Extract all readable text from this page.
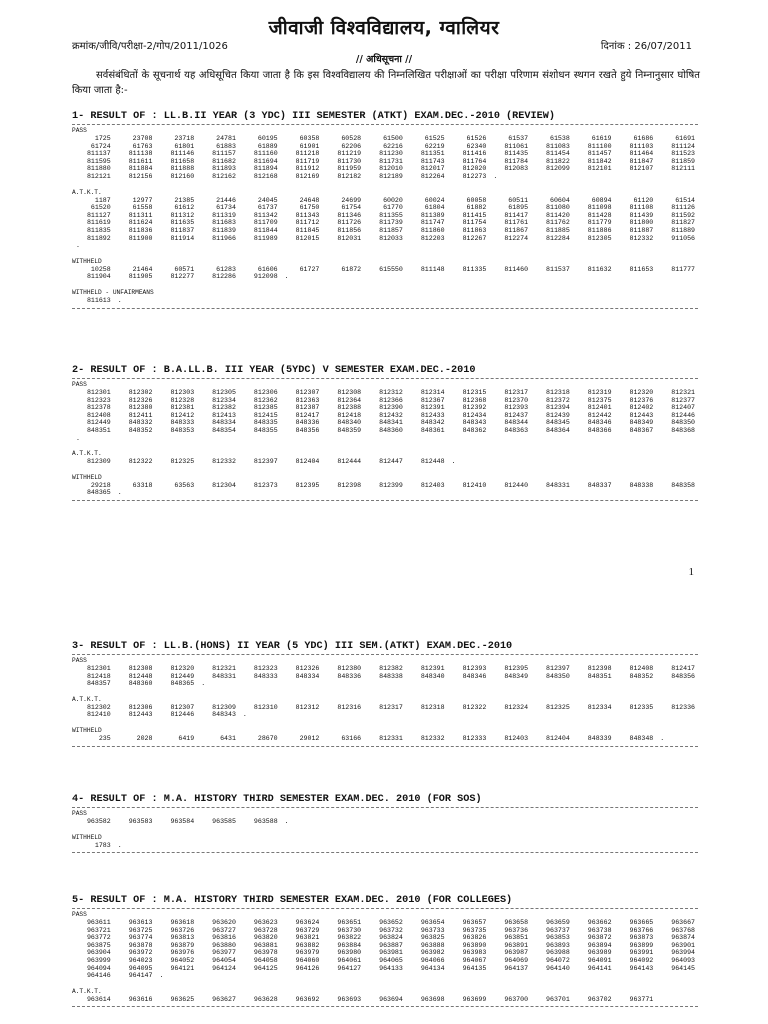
जीवाजी विश्वविद्यालय, ग्वालियर
क्रमांक/जीवि/परीक्षा-2/गोप/2011/1026	दिनांक : 26/07/2011
// अधिसूचना //
सर्वसंबंधितों के सूचनार्थ यह अधिसूचित किया जाता है कि इस विश्वविद्यालय की निम्नलिखित परीक्षाओं का परीक्षा परिणाम संशोधन स्थगन रखते हुये निम्नानुसार घोषित किया जाता है:-
1- RESULT OF : LL.B.II YEAR (3 YDC) III SEMESTER (ATKT) EXAM.DEC.-2010 (REVIEW)
PASS
1725	23708	23718	24781	60195	60358	60528	61500	61525	61526	61537	61538	61619	61686	61691
61724	61763	61801	61883	61889	61901	62206	62216	62219	62340	811061	811083	811100	811103	811124
811137	811138	811146	811157	811160	811218	811219	811230	811351	811416	811435	811454	811457	811464	811523
811595	811611	811658	811682	811694	811719	811730	811731	811743	811764	811784	811822	811842	811847	811859
811880	811884	811888	811893	811894	811912	811959	812010	812017	812020	812083	812099	812101	812107	812111
812121	812156	812160	812162	812168	812169	812182	812189	812264	812273	.
A.T.K.T.
1187	12977	21385	21446	24045	24648	24699	60020	60024	60058	60511	60604	60894	61120	61514
61520	61558	61612	61734	61737	61750	61754	61770	61804	61882	61895	811080	811098	811108	811126
811127	811311	811312	811319	811342	811343	811346	811355	811389	811415	811417	811420	811428	811439	811592
811619	811624	811635	811683	811709	811712	811726	811739	811747	811754	811761	811762	811779	811800	811827
811835	811836	811837	811839	811844	811845	811856	811857	811860	811863	811867	811885	811886	811887	811889
811892	811900	811914	811966	811989	812015	812031	812033	812203	812267	812274	812284	812305	812332	911056
.
WITHHELD
10258	21464	60571	61283	61606	61727	61872	615550	811148	811335	811460	811537	811632	811653	811777
811904	811905	812277	812286	912098	.
WITHHELD - UNFAIRMEANS
811613	.
2- RESULT OF : B.A.LL.B. III YEAR (5YDC) V SEMESTER EXAM.DEC.-2010
PASS
812301	812302	812303	812305	812306	812307	812308	812312	812314	812315	812317	812318	812319	812320	812321
812323	812326	812328	812334	812362	812363	812364	812366	812367	812368	812370	812372	812375	812376	812377
812378	812380	812381	812382	812385	812387	812388	812390	812391	812392	812393	812394	812401	812402	812407
812408	812411	812412	812413	812415	812417	812418	812432	812433	812434	812437	812439	812442	812443	812446
812449	848332	848333	848334	848335	848336	848340	848341	848342	848343	848344	848345	848346	848349	848350
848351	848352	848353	848354	848355	848356	848359	848360	848361	848362	848363	848364	848366	848367	848368
.
A.T.K.T.
812309	812322	812325	812332	812397	812404	812444	812447	812448	.
WITHHELD
29218	63318	63563	812304	812373	812395	812398	812399	812403	812410	812440	848331	848337	848338	848358
848365	.
1
3- RESULT OF : LL.B.(HONS) II YEAR (5 YDC) III SEM.(ATKT) EXAM.DEC.-2010
PASS
812301	812308	812320	812321	812323	812326	812380	812382	812391	812393	812395	812397	812398	812408	812417
812418	812448	812449	848331	848333	848334	848336	848338	848340	848346	848349	848350	848351	848352	848356
848357	848360	848365	.
A.T.K.T.
812302	812306	812307	812309	812310	812312	812316	812317	812318	812322	812324	812325	812334	812335	812336
812410	812443	812446	848343	.
WITHHELD
235	2028	6419	6431	28670	29012	63166	812331	812332	812333	812403	812404	848339	848348	.
4- RESULT OF : M.A. HISTORY THIRD SEMESTER EXAM.DEC. 2010 (FOR SOS)
PASS
963582	963583	963584	963585	963588	.
WITHHELD
1783	.
5- RESULT OF : M.A. HISTORY THIRD SEMESTER EXAM.DEC. 2010 (FOR COLLEGES)
PASS
963611	963613	963618	963620	963623	963624	963651	963652	963654	963657	963658	963659	963662	963665	963667
963721	963725	963726	963727	963728	963729	963730	963732	963733	963735	963736	963737	963738	963766	963768
963772	963774	963813	963816	963820	963821	963822	963824	963825	963826	963851	963853	963872	963873	963874
963875	963878	963879	963880	963881	963882	963884	963887	963888	963890	963891	963893	963894	963899	963901
963904	963972	963976	963977	963978	963979	963980	963981	963982	963983	963987	963988	963989	963991	963994
963999	964023	964052	964054	964058	964060	964061	964065	964066	964067	964069	964072	964091	964092	964093
964094	964095	964121	964124	964125	964126	964127	964133	964134	964135	964137	964140	964141	964143	964145
964146	964147	.
A.T.K.T.
963614	963616	963625	963627	963628	963692	963693	963694	963698	963699	963700	963701	963702	963771
